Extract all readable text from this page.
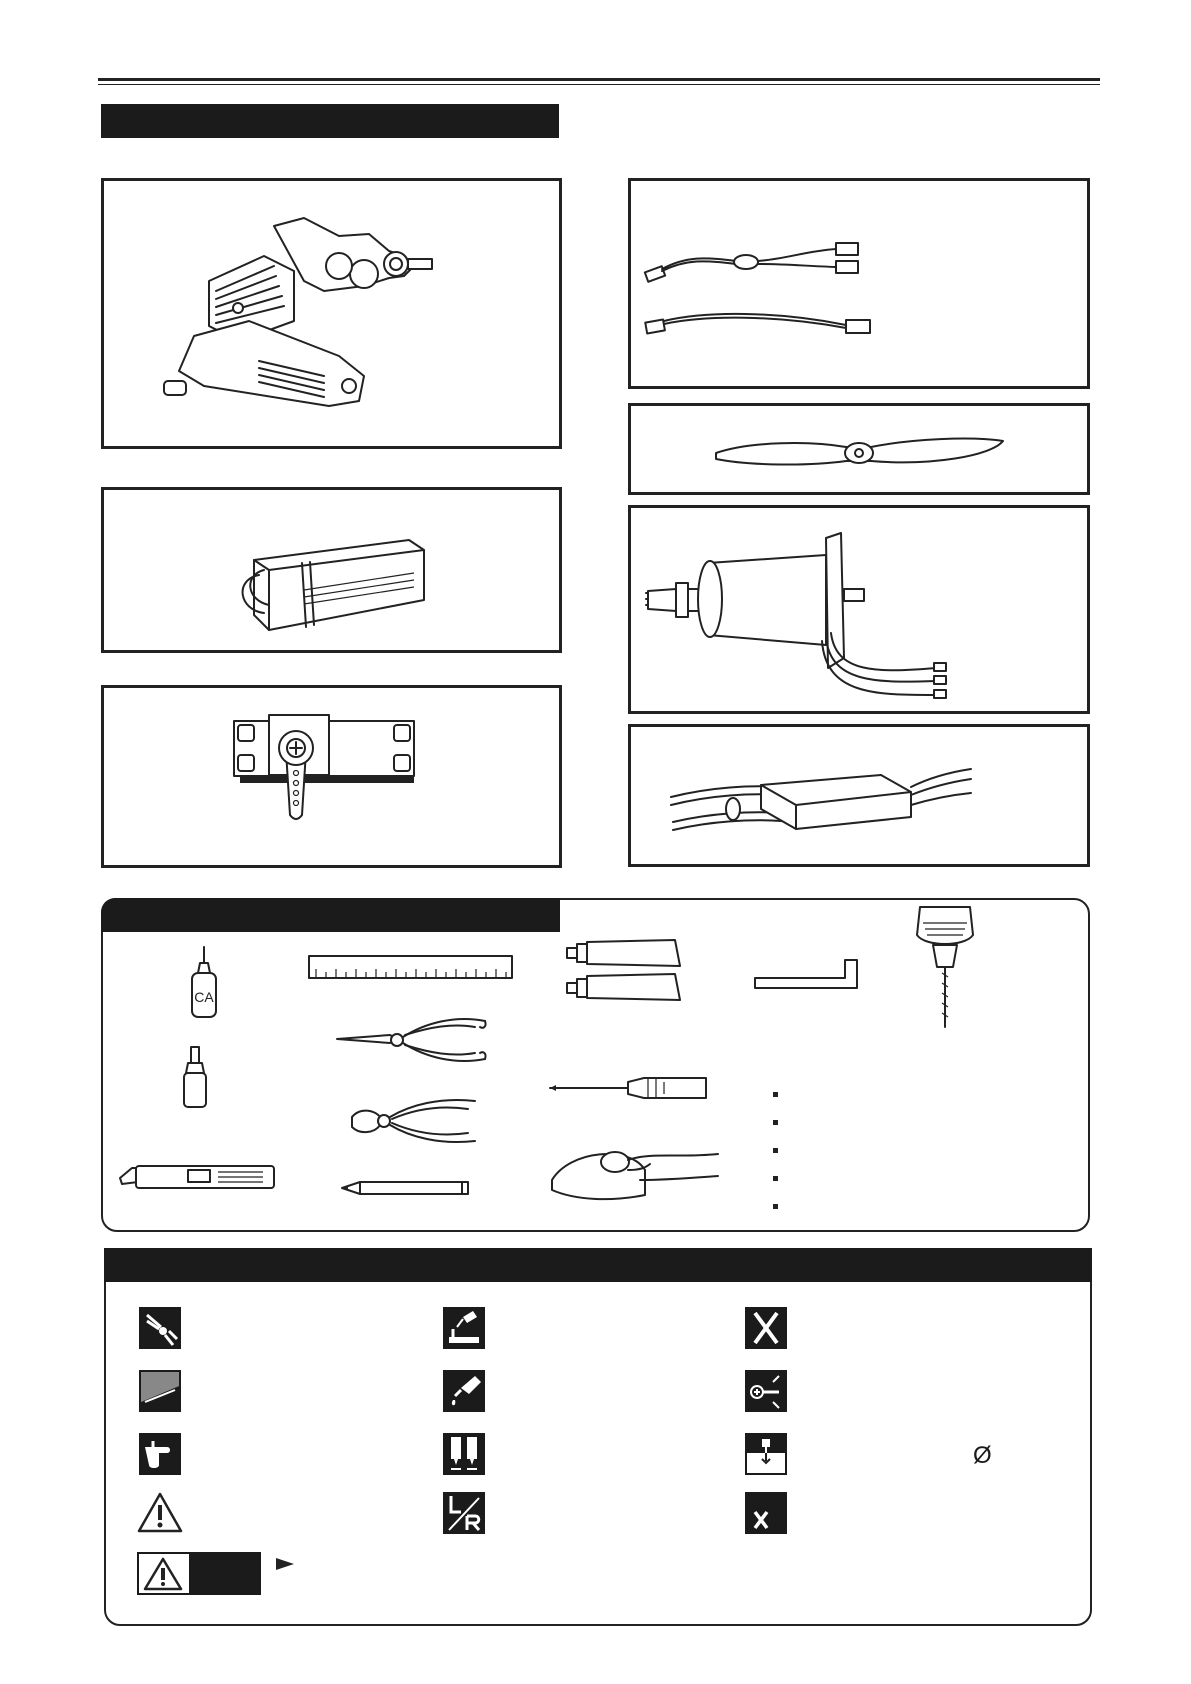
CA
Ø
